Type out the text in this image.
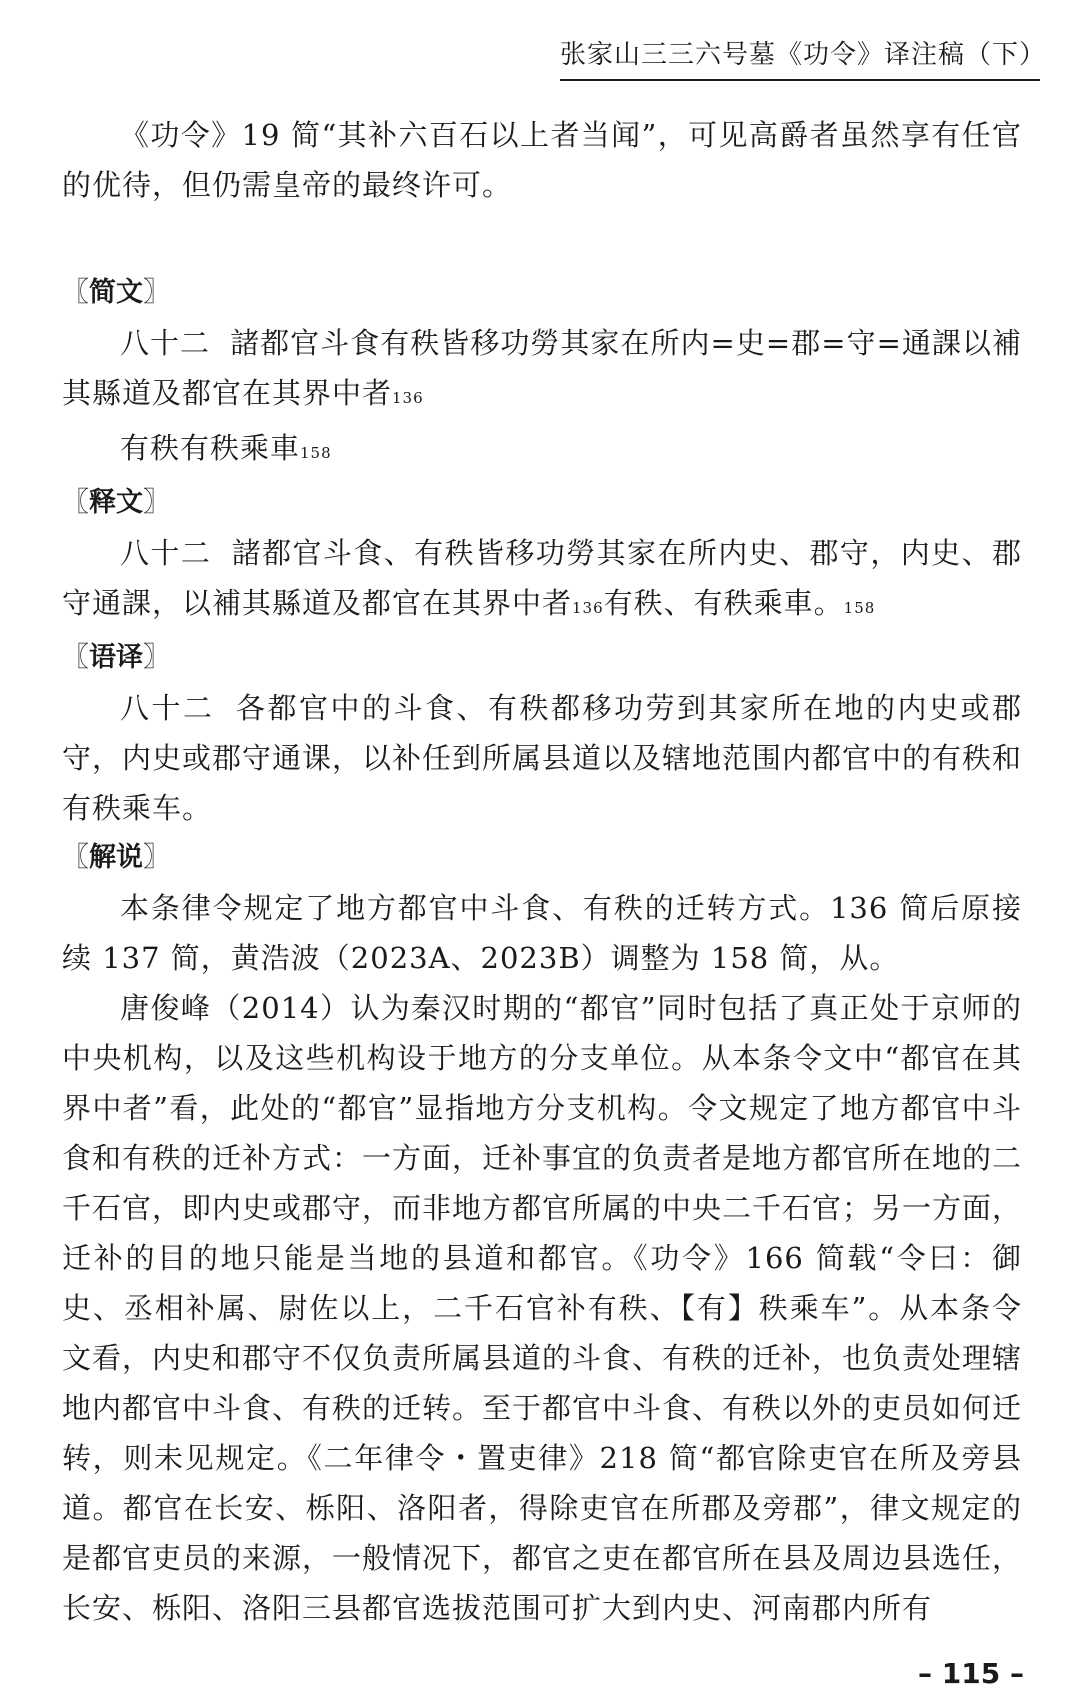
张家山三三六号墓《功令》译注稿（下）

《功令》19 简“其补六百石以上者当闻”，可见高爵者虽然享有任官的优待，但仍需皇帝的最终许可。

〖简文〗

八十二 諸都官斗食有秩皆移功勞其家在所内=史=郡=守=通課以補其縣道及都官在其界中者136

有秩有秩乘車158

〖释文〗

八十二 諸都官斗食、有秩皆移功勞其家在所内史、郡守，内史、郡守通課，以補其縣道及都官在其界中者136有秩、有秩乘車。158

〖语译〗

八十二 各都官中的斗食、有秩都移功劳到其家所在地的内史或郡守，内史或郡守通课，以补任到所属县道以及辖地范围内都官中的有秩和有秩乘车。

〖解说〗

本条律令规定了地方都官中斗食、有秩的迁转方式。136 简后原接续 137 简，黄浩波（2023A、2023B）调整为 158 简，从。

唐俊峰（2014）认为秦汉时期的“都官”同时包括了真正处于京师的中央机构，以及这些机构设于地方的分支单位。从本条令文中“都官在其界中者”看，此处的“都官”显指地方分支机构。令文规定了地方都官中斗食和有秩的迁补方式：一方面，迁补事宜的负责者是地方都官所在地的二千石官，即内史或郡守，而非地方都官所属的中央二千石官；另一方面，迁补的目的地只能是当地的县道和都官。《功令》166 简载“令曰：御史、丞相补属、尉佐以上，二千石官补有秩、【有】秩乘车”。从本条令文看，内史和郡守不仅负责所属县道的斗食、有秩的迁补，也负责处理辖地内都官中斗食、有秩的迁转。至于都官中斗食、有秩以外的吏员如何迁转，则未见规定。《二年律令・置吏律》218 简“都官除吏官在所及旁县道。都官在长安、栎阳、洛阳者，得除吏官在所郡及旁郡”，律文规定的是都官吏员的来源，一般情况下，都官之吏在都官所在县及周边县选任，长安、栎阳、洛阳三县都官选拔范围可扩大到内史、河南郡内所有

– 115 –
